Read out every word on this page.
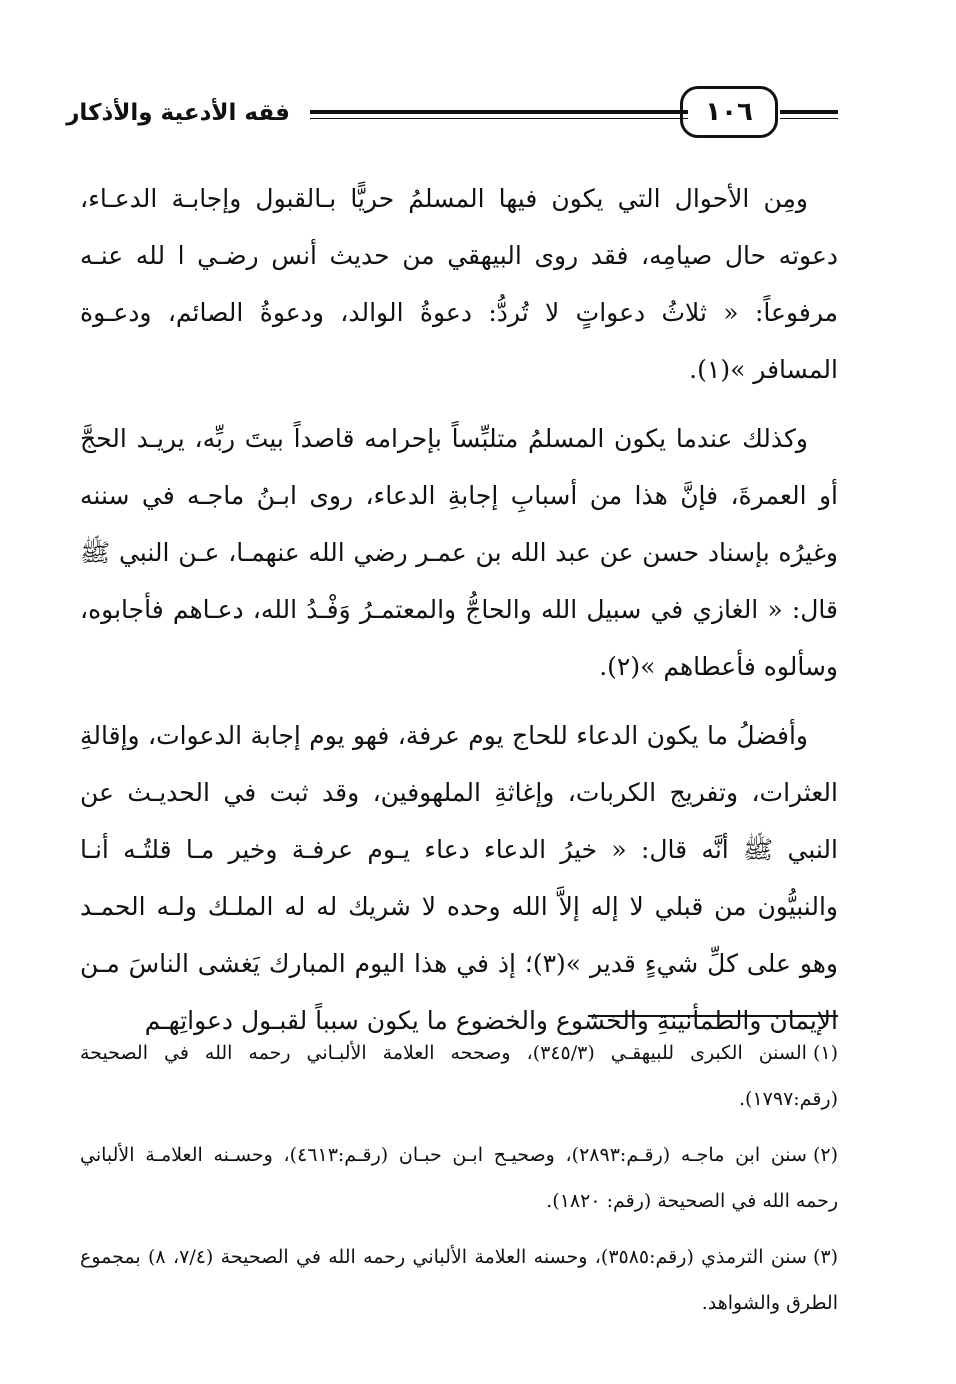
فقه الأدعية والأذكار	١٠٦

ومِن الأحوال التي يكون فيها المسلمُ حريًّا بـالقبول وإجابـة الدعـاء، دعوته حال صيامِه، فقد روى البيهقي من حديث أنس رضـي ا لله عنـه مرفوعاً: « ثلاثُ دعواتٍ لا تُردُّ: دعوةُ الوالد، ودعوةُ الصائم، ودعـوة المسافر »(١).

وكذلك عندما يكون المسلمُ متلبِّساً بإحرامه قاصداً بيتَ ربِّه، يريـد الحجَّ أو العمرةَ، فإنَّ هذا من أسبابِ إجابةِ الدعاء، روى ابـنُ ماجـه في سننه وغيرُه بإسناد حسن عن عبد الله بن عمـر رضي الله عنهمـا، عـن النبي ﷺ قال: « الغازي في سبيل الله والحاجُّ والمعتمـرُ وَفْـدُ الله، دعـاهم فأجابوه، وسألوه فأعطاهم »(٢).

وأفضلُ ما يكون الدعاء للحاج يوم عرفة، فهو يوم إجابة الدعوات، وإقالةِ العثرات، وتفريج الكربات، وإغاثةِ الملهوفين، وقد ثبت في الحديـث عن النبي ﷺ أنَّه قال: « خيرُ الدعاء دعاء يـوم عرفـة وخير مـا قلتُـه أنـا والنبيُّون من قبلي لا إله إلاَّ الله وحده لا شريك له له الملـك ولـه الحمـد وهو على كلِّ شيءٍ قدير »(٣)؛ إذ في هذا اليوم المبارك يَغشى الناسَ مـن الإيمان والطمأنينةِ والخشوع والخضوع ما يكون سبباً لقبـول دعواتِهـم

(١)السنن الكبرى للبيهقـي (٣٤٥/٣)، وصححه العلامة الألبـاني رحمه الله في الصحيحة (رقم:١٧٩٧).

(٢)سنن ابن ماجـه (رقـم:٢٨٩٣)، وصحيـح ابـن حبـان (رقـم:٤٦١٣)، وحسـنه العلامـة الألباني رحمه الله في الصحيحة (رقم: ١٨٢٠).

(٣)سنن الترمذي (رقم:٣٥٨٥)، وحسنه العلامة الألباني رحمه الله في الصحيحة (٧/٤، ٨) بمجموع الطرق والشواهد.
